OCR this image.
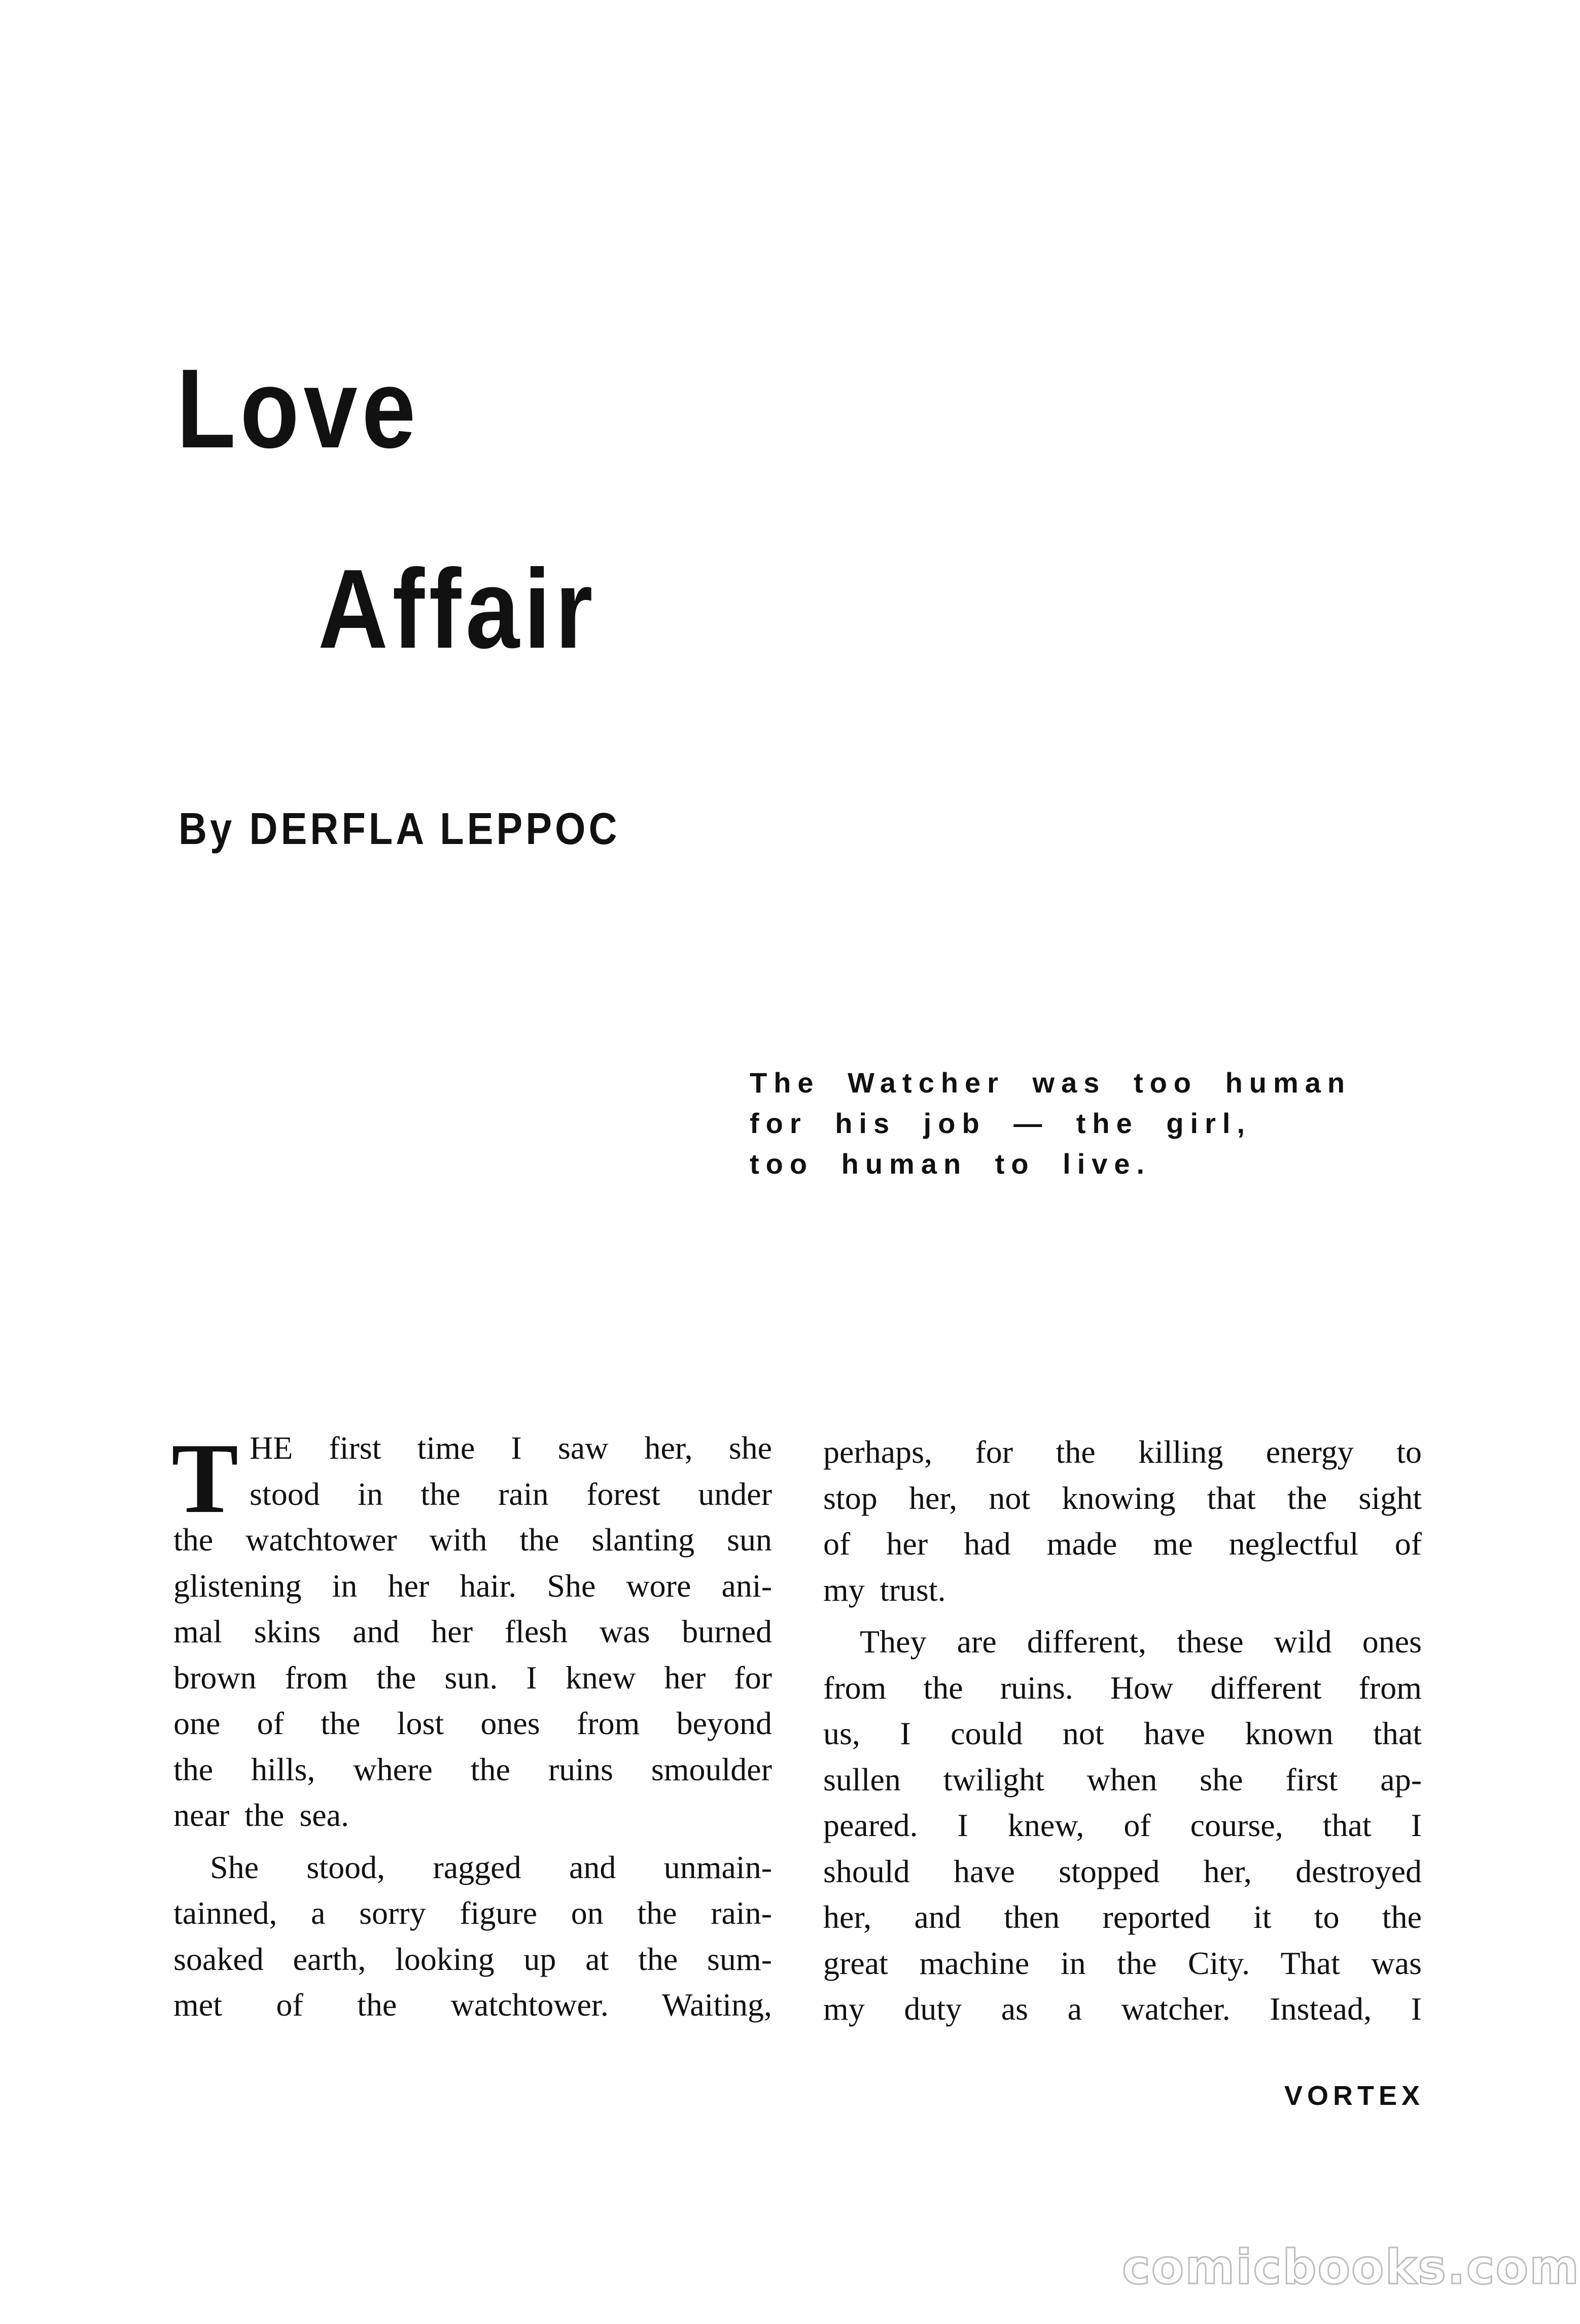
Love
Affair
By DERFLA LEPPOC
The Watcher was too human
for his job — the girl,
too human to live.
T HE first time I saw her, she
stood in the rain forest under
the watchtower with the slanting sun
glistening in her hair. She wore ani-
mal skins and her flesh was burned
brown from the sun. I knew her for
one of the lost ones from beyond
the hills, where the ruins smoulder
near the sea.
She stood, ragged and unmain-
tainned, a sorry figure on the rain-
soaked earth, looking up at the sum-
met of the watchtower. Waiting,
perhaps, for the killing energy to
stop her, not knowing that the sight
of her had made me neglectful of
my trust.
They are different, these wild ones
from the ruins. How different from
us, I could not have known that
sullen twilight when she first ap-
peared. I knew, of course, that I
should have stopped her, destroyed
her, and then reported it to the
great machine in the City. That was
my duty as a watcher. Instead, I
VORTEX
comicbooks.com
